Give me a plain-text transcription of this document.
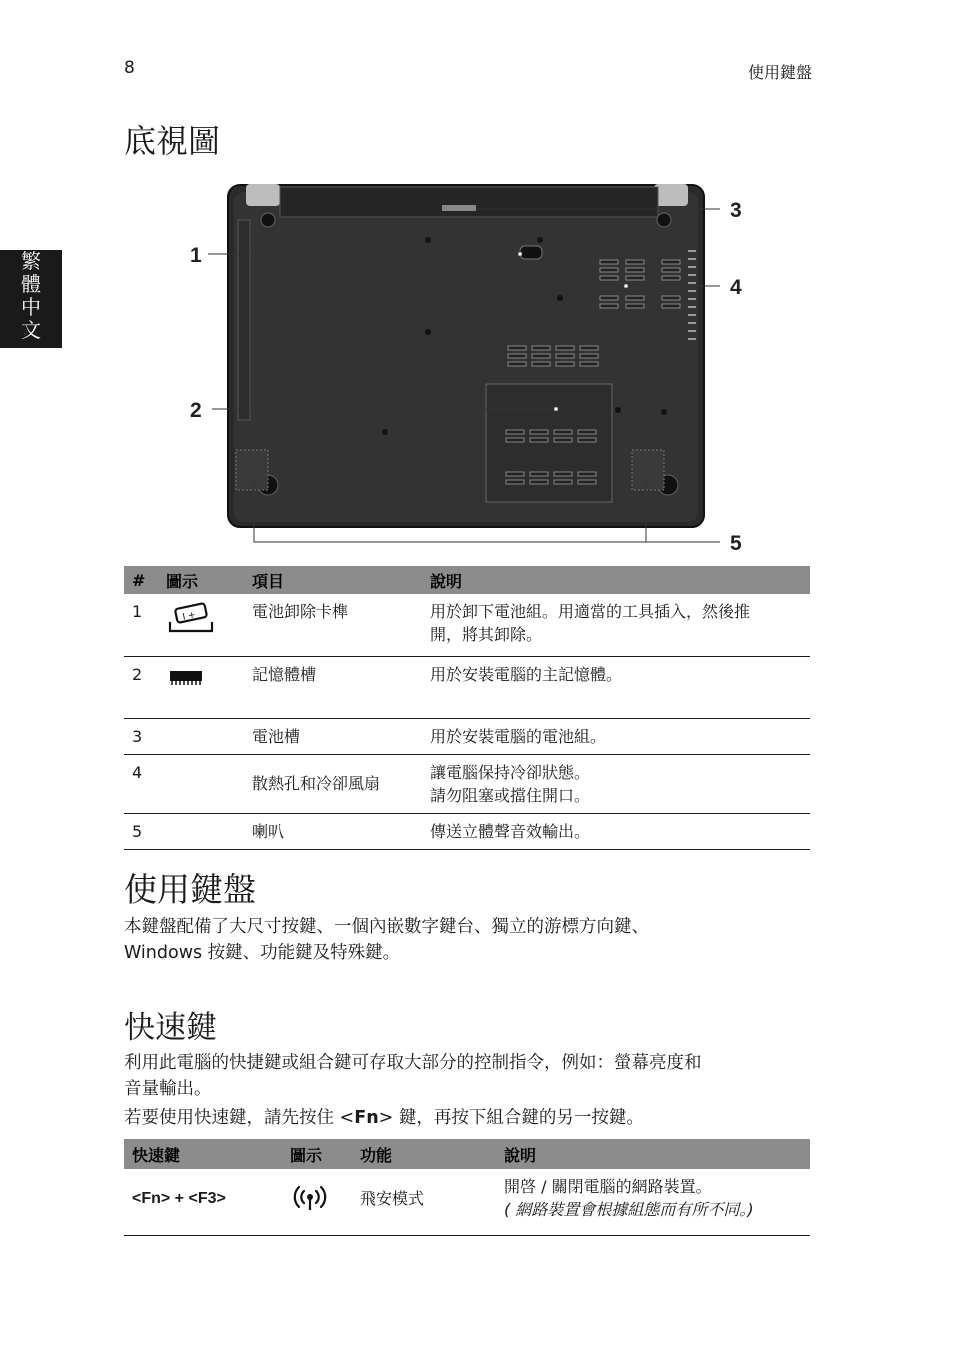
8	使用鍵盤
繁
體
中
文
底視圖
1
2
3
4
5
#	圖示	項目	說明
1	I +	電池卸除卡榫	用於卸下電池組。用適當的工具插入，然後推
開，將其卸除。

2		記憶體槽	用於安裝電腦的主記憶體。

3		電池槽	用於安裝電腦的電池組。

4		散熱孔和冷卻風扇	讓電腦保持冷卻狀態。
請勿阻塞或擋住開口。

5		喇叭	傳送立體聲音效輸出。
使用鍵盤
本鍵盤配備了大尺寸按鍵、一個內嵌數字鍵台、獨立的游標方向鍵、
Windows 按鍵、功能鍵及特殊鍵。
快速鍵
利用此電腦的快捷鍵或組合鍵可存取大部分的控制指令，例如：螢幕亮度和
音量輸出。
若要使用快速鍵，請先按住 <Fn> 鍵，再按下組合鍵的另一按鍵。
快速鍵	圖示	功能	說明
<Fn> + <F3>		飛安模式	開啓 / 關閉電腦的網路裝置。
( 網路裝置會根據組態而有所不同。)
